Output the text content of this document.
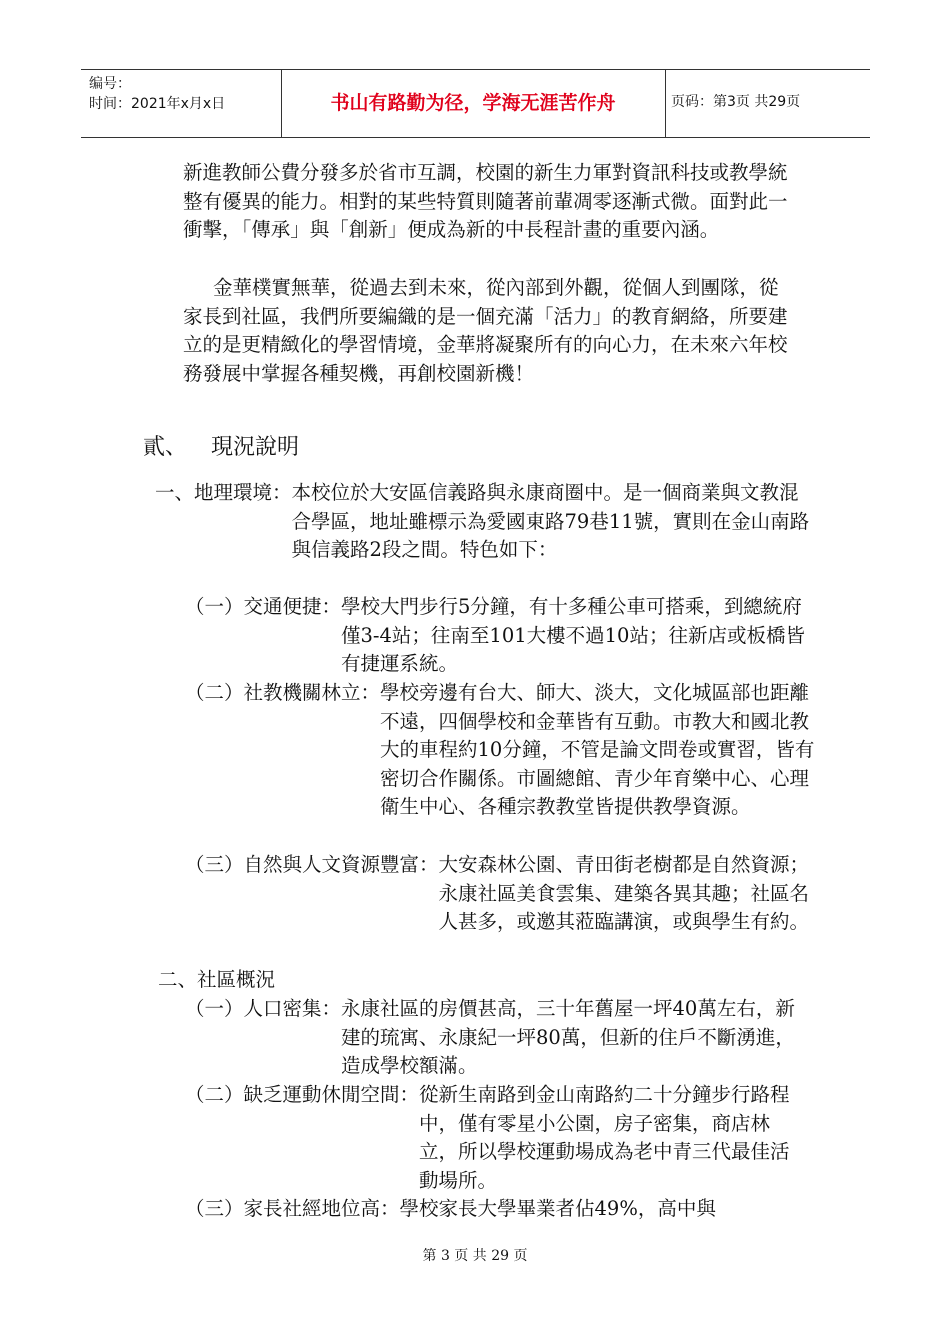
编号：
时间：2021年x月x日	书山有路勤为径，学海无涯苦作舟	页码：第3页 共29页

新進教師公費分發多於省市互調，校園的新生力軍對資訊科技或教學統整有優異的能力。相對的某些特質則隨著前輩凋零逐漸式微。面對此一衝擊，「傳承」與「創新」便成為新的中長程計畫的重要內涵。

金華樸實無華，從過去到未來，從內部到外觀，從個人到團隊，從家長到社區，我們所要編織的是一個充滿「活力」的教育網絡，所要建立的是更精緻化的學習情境，金華將凝聚所有的向心力，在未來六年校務發展中掌握各種契機，再創校園新機！

貳、 現況說明
一、地理環境： 本校位於大安區信義路與永康商圈中。是一個商業與文教混合學區，地址雖標示為愛國東路79巷11號，實則在金山南路與信義路2段之間。特色如下：
（一）交通便捷： 學校大門步行5分鐘，有十多種公車可搭乘，到總統府僅3-4站；往南至101大樓不過10站；往新店或板橋皆有捷運系統。
（二）社教機關林立： 學校旁邊有台大、師大、淡大，文化城區部也距離不遠，四個學校和金華皆有互動。市教大和國北教大的車程約10分鐘，不管是論文問卷或實習，皆有密切合作關係。市圖總館、青少年育樂中心、心理衛生中心、各種宗教教堂皆提供教學資源。
（三）自然與人文資源豐富： 大安森林公園、青田街老樹都是自然資源；永康社區美食雲集、建築各異其趣；社區名人甚多，或邀其蒞臨講演，或與學生有約。
二、社區概況
（一）人口密集： 永康社區的房價甚高，三十年舊屋一坪40萬左右，新建的琉寓、永康紀一坪80萬，但新的住戶不斷湧進，造成學校額滿。
（二）缺乏運動休閒空間： 從新生南路到金山南路約二十分鐘步行路程中，僅有零星小公園，房子密集，商店林立，所以學校運動場成為老中青三代最佳活動場所。
（三）家長社經地位高： 學校家長大學畢業者佔49%，高中與
第 3 页 共 29 页
